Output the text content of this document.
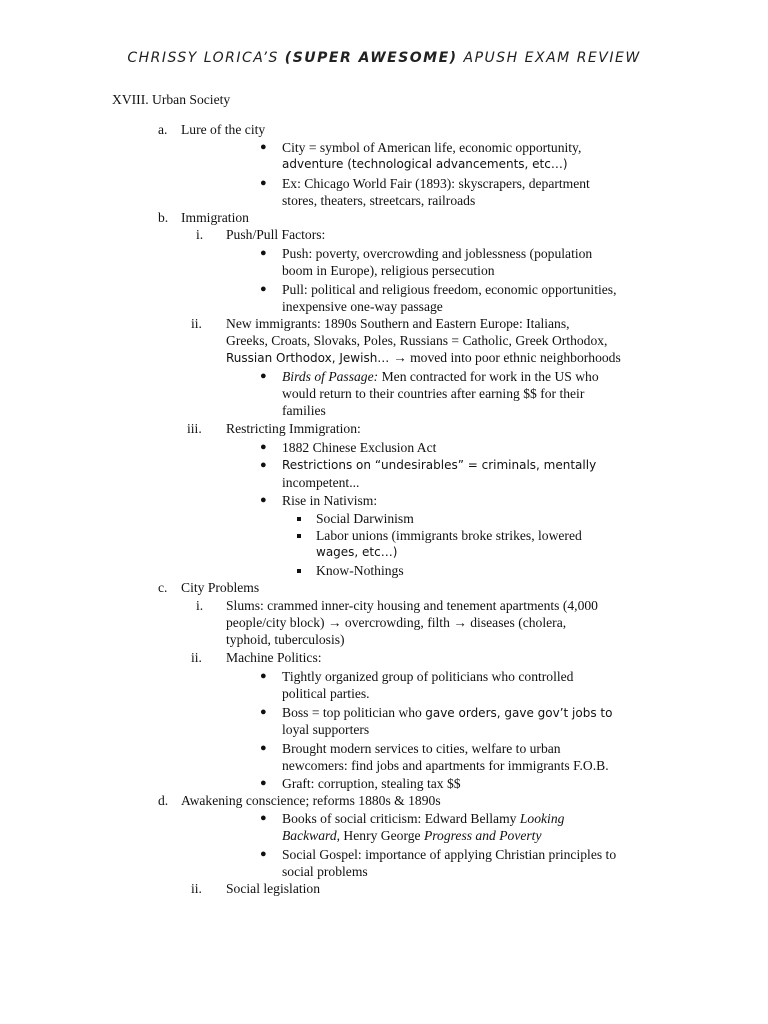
CHRISSY LORICA’S (SUPER AWESOME) APUSH EXAM REVIEW
XVIII. Urban Society
a. Lure of the city
● City = symbol of American life, economic opportunity,
adventure (technological advancements, etc…)
● Ex: Chicago World Fair (1893): skyscrapers, department
stores, theaters, streetcars, railroads
b. Immigration
i. Push/Pull Factors:
● Push: poverty, overcrowding and joblessness (population
boom in Europe), religious persecution
● Pull: political and religious freedom, economic opportunities,
inexpensive one-way passage
ii. New immigrants: 1890s Southern and Eastern Europe: Italians,
Greeks, Croats, Slovaks, Poles, Russians = Catholic, Greek Orthodox,
Russian Orthodox, Jewish… → moved into poor ethnic neighborhoods
● Birds of Passage: Men contracted for work in the US who
would return to their countries after earning $$ for their
families
iii. Restricting Immigration:
● 1882 Chinese Exclusion Act
● Restrictions on “undesirables” = criminals, mentally
incompetent...
● Rise in Nativism:
Social Darwinism
Labor unions (immigrants broke strikes, lowered
wages, etc…)
Know-Nothings
c. City Problems
i. Slums: crammed inner-city housing and tenement apartments (4,000
people/city block) → overcrowding, filth → diseases (cholera,
typhoid, tuberculosis)
ii. Machine Politics:
● Tightly organized group of politicians who controlled
political parties.
● Boss = top politician who gave orders, gave gov’t jobs to
loyal supporters
● Brought modern services to cities, welfare to urban
newcomers: find jobs and apartments for immigrants F.O.B.
● Graft: corruption, stealing tax $$
d. Awakening conscience; reforms 1880s & 1890s
● Books of social criticism: Edward Bellamy Looking
Backward, Henry George Progress and Poverty
● Social Gospel: importance of applying Christian principles to
social problems
ii. Social legislation
